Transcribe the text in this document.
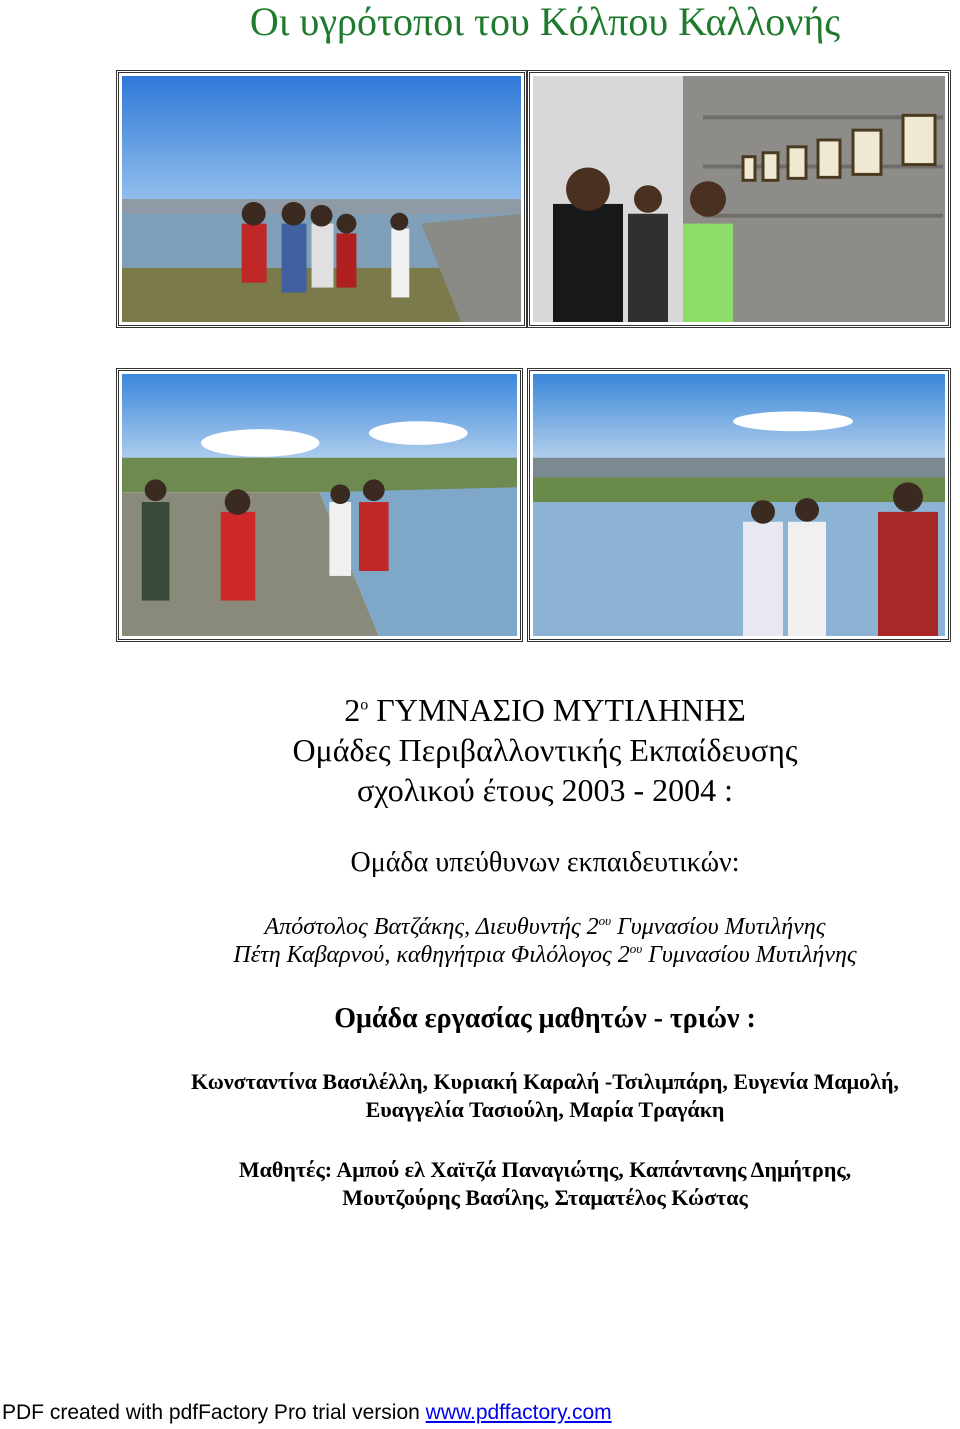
Οι υγρότοποι του Κόλπου Καλλονής
$2^o$ ΓΥΜΝΑΣΙΟ ΜΥΤΙΛΗΝΗΣ
Ομάδες Περιβαλλοντικής Εκπαίδευσης
σχολικού έτους 2003 - 2004 :
Ομάδα υπεύθυνων εκπαιδευτικών:
Απόστολος Βατζάκης, Διευθυντής $2^{o\upsilon}$ Γυμνασίου Μυτιλήνης
Πέτη Καβαρνού, καθηγήτρια Φιλόλογος $2^{o\upsilon}$ Γυμνασίου Μυτιλήνης
Ομάδα εργασίας μαθητών - τριών :
Κωνσταντίνα Βασιλέλλη, Κυριακή Καραλή -Τσιλιμπάρη, Ευγενία Μαμολή,
Ευαγγελία Τασιούλη, Μαρία Τραγάκη
Μαθητές: Αμπού ελ Χαϊτζά Παναγιώτης, Καπάντανης Δημήτρης,
Μουτζούρης Βασίλης, Σταματέλος Κώστας
PDF created with pdfFactory Pro trial version www.pdffactory.com
